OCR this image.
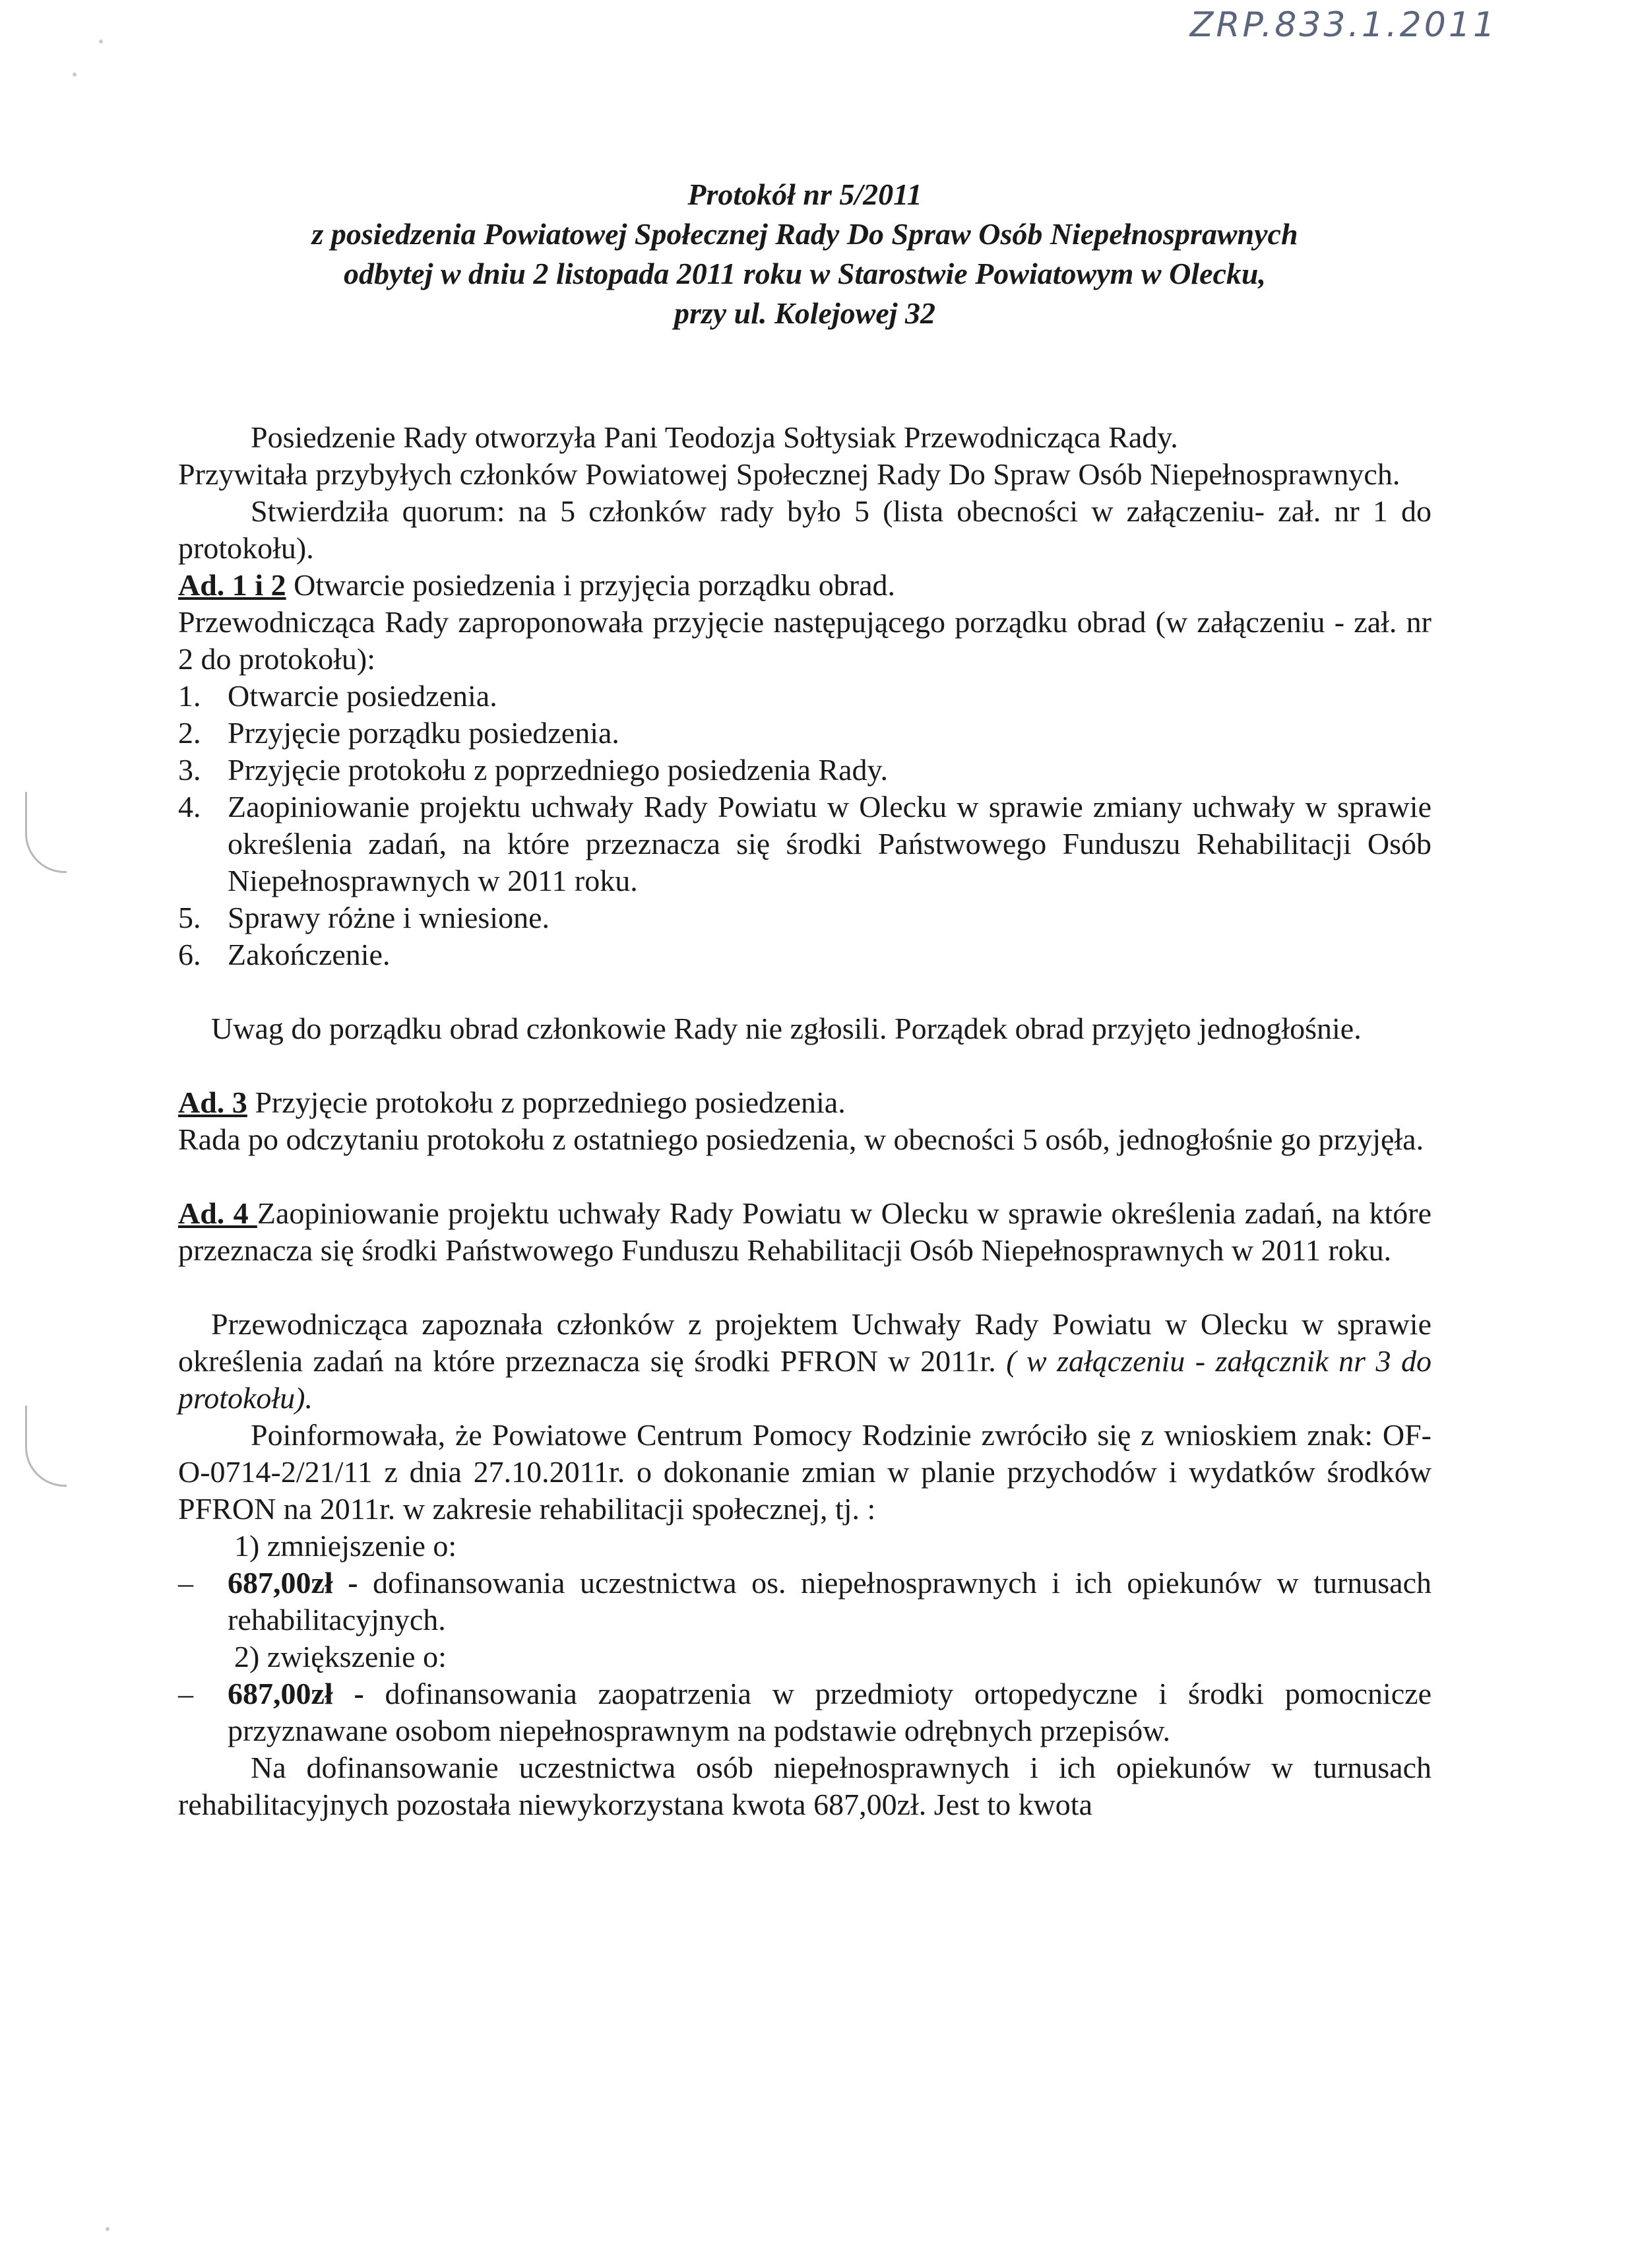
ZRP.833.1.2011
Protokół nr 5/2011
z posiedzenia Powiatowej Społecznej Rady Do Spraw Osób Niepełnosprawnych
odbytej w dniu 2 listopada 2011 roku w Starostwie Powiatowym w Olecku,
przy ul. Kolejowej 32

Posiedzenie Rady otworzyła Pani Teodozja Sołtysiak Przewodnicząca Rady.

Przywitała przybyłych członków Powiatowej Społecznej Rady Do Spraw Osób Niepełnosprawnych.

Stwierdziła quorum: na 5 członków rady było 5 (lista obecności w załączeniu- zał. nr 1 do protokołu).

Ad. 1 i 2 Otwarcie posiedzenia i przyjęcia porządku obrad.

Przewodnicząca Rady zaproponowała przyjęcie następującego porządku obrad (w załączeniu - zał. nr 2 do protokołu):

1. Otwarcie posiedzenia.
2. Przyjęcie porządku posiedzenia.
3. Przyjęcie protokołu z poprzedniego posiedzenia Rady.
4. Zaopiniowanie projektu uchwały Rady Powiatu w Olecku w sprawie zmiany uchwały w sprawie określenia zadań, na które przeznacza się środki Państwowego Funduszu Rehabilitacji Osób Niepełnosprawnych w 2011 roku.
5. Sprawy różne i wniesione.
6. Zakończenie.

Uwag do porządku obrad członkowie Rady nie zgłosili. Porządek obrad przyjęto jednogłośnie.

Ad. 3 Przyjęcie protokołu z poprzedniego posiedzenia.

Rada po odczytaniu protokołu z ostatniego posiedzenia, w obecności 5 osób, jednogłośnie go przyjęła.

Ad. 4 Zaopiniowanie projektu uchwały Rady Powiatu w Olecku w sprawie określenia zadań, na które przeznacza się środki Państwowego Funduszu Rehabilitacji Osób Niepełnosprawnych w 2011 roku.

Przewodnicząca zapoznała członków z projektem Uchwały Rady Powiatu w Olecku w sprawie określenia zadań na które przeznacza się środki PFRON w 2011r. ( w załączeniu - załącznik nr 3 do protokołu).

Poinformowała, że Powiatowe Centrum Pomocy Rodzinie zwróciło się z wnioskiem znak: OF-O-0714-2/21/11 z dnia 27.10.2011r. o dokonanie zmian w planie przychodów i wydatków środków PFRON na 2011r. w zakresie rehabilitacji społecznej, tj. :

1) zmniejszenie o:

–	687,00zł - dofinansowania uczestnictwa os. niepełnosprawnych i ich opiekunów w turnusach rehabilitacyjnych.

2) zwiększenie o:

–	687,00zł - dofinansowania zaopatrzenia w przedmioty ortopedyczne i środki pomocnicze przyznawane osobom niepełnosprawnym na podstawie odrębnych przepisów.

Na dofinansowanie uczestnictwa osób niepełnosprawnych i ich opiekunów w turnusach rehabilitacyjnych pozostała niewykorzystana kwota 687,00zł. Jest to kwota
